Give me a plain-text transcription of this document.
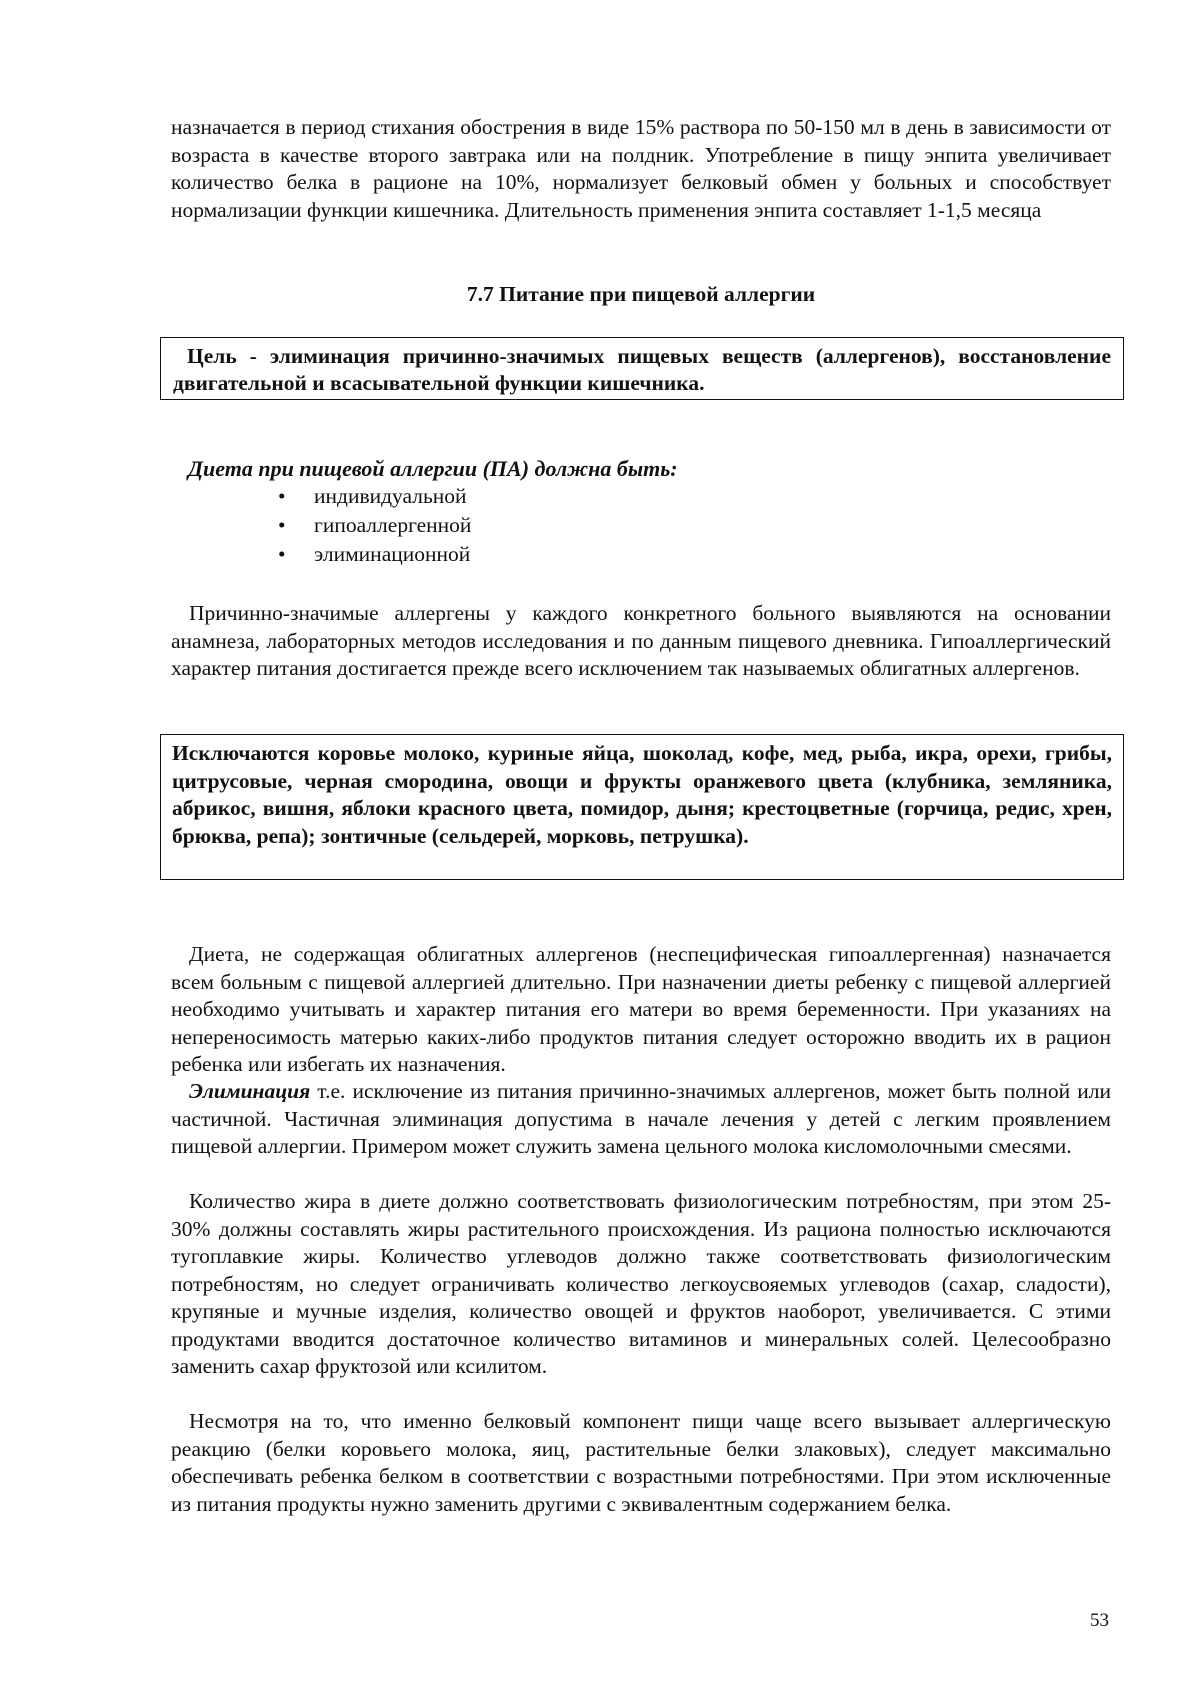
назначается в период стихания обострения в виде 15% раствора по 50-150 мл в день в зависимости от возраста в качестве второго завтрака или на полдник. Употребление в пищу энпита увеличивает количество белка в рационе на 10%, нормализует белковый обмен у больных и способствует нормализации функции кишечника. Длительность применения энпита составляет 1-1,5 месяца

7.7 Питание при пищевой аллергии

Цель - элиминация причинно-значимых пищевых веществ (аллергенов), восстановление двигательной и всасывательной функции кишечника.

Диета при пищевой аллергии (ПА) должна быть:
• индивидуальной
• гипоаллергенной
• элиминационной

Причинно-значимые аллергены у каждого конкретного больного выявляются на основании анамнеза, лабораторных методов исследования и по данным пищевого дневника. Гипоаллергический характер питания достигается прежде всего исключением так называемых облигатных аллергенов.

Исключаются коровье молоко, куриные яйца, шоколад, кофе, мед, рыба, икра, орехи, грибы, цитрусовые, черная смородина, овощи и фрукты оранжевого цвета (клубника, земляника, абрикос, вишня, яблоки красного цвета, помидор, дыня; крестоцветные (горчица, редис, хрен, брюква, репа); зонтичные (сельдерей, морковь, петрушка).

Диета, не содержащая облигатных аллергенов (неспецифическая гипоаллергенная) назначается всем больным с пищевой аллергией длительно. При назначении диеты ребенку с пищевой аллергией необходимо учитывать и характер питания его матери во время беременности. При указаниях на непереносимость матерью каких-либо продуктов питания следует осторожно вводить их в рацион ребенка или избегать их назначения.

Элиминация т.е. исключение из питания причинно-значимых аллергенов, может быть полной или частичной. Частичная элиминация допустима в начале лечения у детей с легким проявлением пищевой аллергии. Примером может служить замена цельного молока кисломолочными смесями.

Количество жира в диете должно соответствовать физиологическим потребностям, при этом 25-30% должны составлять жиры растительного происхождения. Из рациона полностью исключаются тугоплавкие жиры. Количество углеводов должно также соответствовать физиологическим потребностям, но следует ограничивать количество легкоусвояемых углеводов (сахар, сладости), крупяные и мучные изделия, количество овощей и фруктов наоборот, увеличивается. С этими продуктами вводится достаточное количество витаминов и минеральных солей. Целесообразно заменить сахар фруктозой или ксилитом.

Несмотря на то, что именно белковый компонент пищи чаще всего вызывает аллергическую реакцию (белки коровьего молока, яиц, растительные белки злаковых), следует максимально обеспечивать ребенка белком в соответствии с возрастными потребностями. При этом исключенные из питания продукты нужно заменить другими с эквивалентным содержанием белка.

53
